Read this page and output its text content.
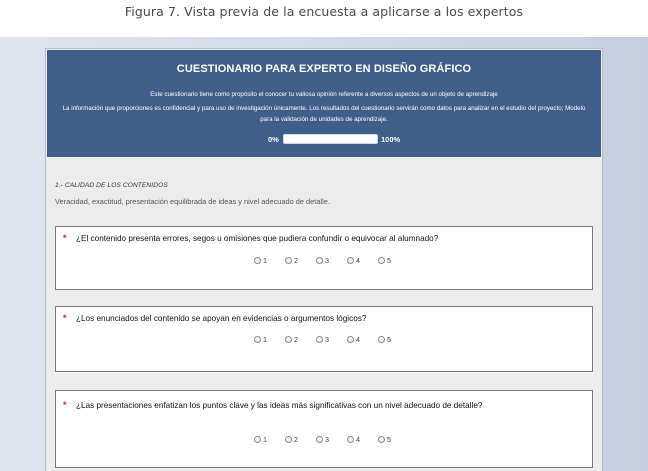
Figura 7. Vista previa de la encuesta a aplicarse a los expertos
CUESTIONARIO PARA EXPERTO EN DISEÑO GRÁFICO
Este cuestionario tiene como propósito el conocer tu valiosa opinión referente a diversos aspectos de un objeto de aprendizaje
La información que proporciones es confidencial y para uso de investigación únicamente. Los resultados del cuestionario servirán como datos para analizar en el estudio del proyecto; Modelo
para la validación de unidades de aprendizaje.
0%	100%
1.- CALIDAD DE LOS CONTENIDOS
Veracidad, exactitud, presentación equilibrada de ideas y nivel adecuado de detalle.
* ¿El contenido presenta errores, segos u omisiones que pudiera confundir o equivocar al alumnado?
1	2	3	4	5
* ¿Los enunciados del contenido se apoyan en evidencias o argumentos lógicos?
1	2	3	4	5
* ¿Las presentaciones enfatizan los puntos clave y las ideas más significativas con un nivel adecuado de detalle?
1	2	3	4	5
